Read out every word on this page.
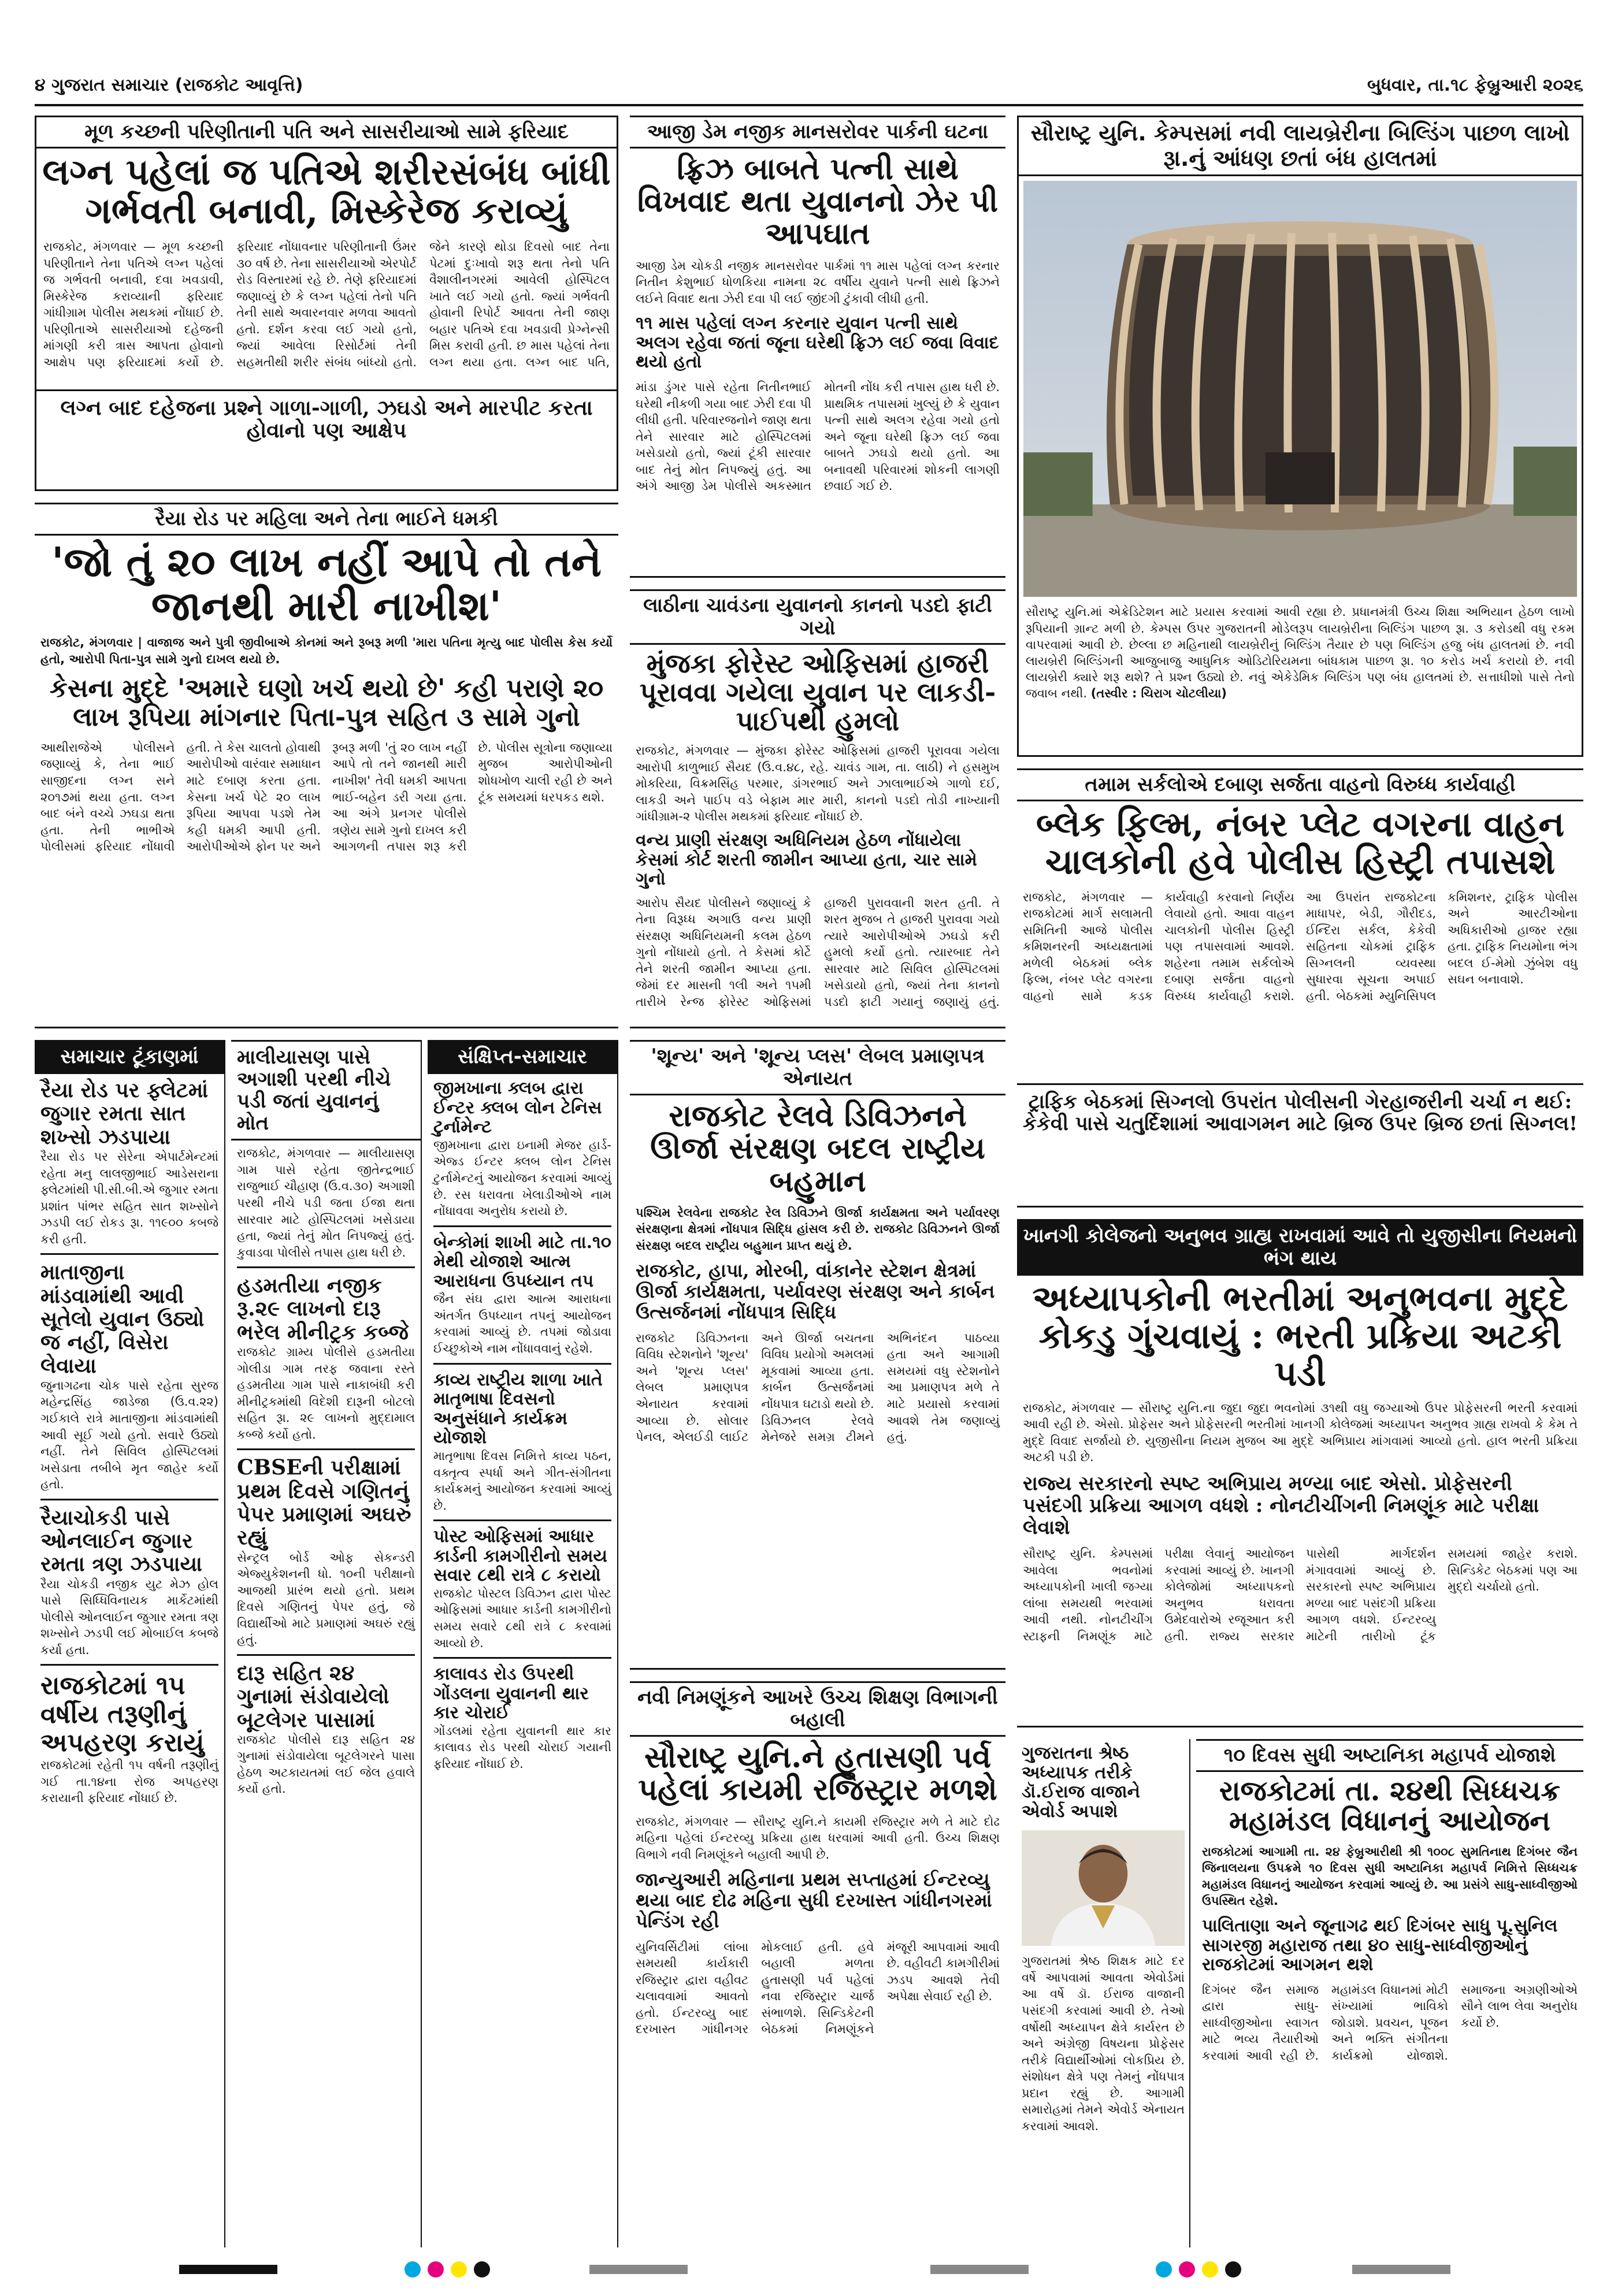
૪ ગુજરાત સમાચાર (રાજકોટ આવૃત્તિ)	બુધવાર, તા.૧૮ ફેબ્રુઆરી ૨૦૨૬
મૂળ કચ્છની પરિણીતાની પતિ અને સાસરીયાઓ સામે ફરિયાદ
લગ્ન પહેલાં જ પતિએ શરીરસંબંધ બાંધી ગર્ભવતી બનાવી, મિસ્કેરેજ કરાવ્યું
રાજકોટ, મંગળવાર — મૂળ કચ્છની પરિણીતાને તેના પતિએ લગ્ન પહેલાં જ ગર્ભવતી બનાવી, દવા ખવડાવી, મિસ્કેરેજ કરાવ્યાની ફરિયાદ ગાંધીગ્રામ પોલીસ મથકમાં નોંધાઈ છે. પરિણીતાએ સાસરીયાઓ દહેજની માંગણી કરી ત્રાસ આપતા હોવાનો આક્ષેપ પણ ફરિયાદમાં કર્યો છે. ફરિયાદ નોંધાવનાર પરિણીતાની ઉંમર ૩૦ વર્ષ છે. તેના સાસરીયાઓ એરપોર્ટ રોડ વિસ્તારમાં રહે છે. તેણે ફરિયાદમાં જણાવ્યું છે કે લગ્ન પહેલાં તેનો પતિ તેની સાથે અવારનવાર મળવા આવતો હતો. દર્શન કરવા લઈ ગયો હતો, જ્યાં આવેલા રિસોર્ટમાં તેની સહમતીથી શરીર સંબંધ બાંધ્યો હતો. જેને કારણે થોડા દિવસો બાદ તેના પેટમાં દુઃખાવો શરૂ થતા તેનો પતિ વૈશાલીનગરમાં આવેલી હોસ્પિટલ ખાતે લઈ ગયો હતો. જ્યાં ગર્ભવતી હોવાની રિપોર્ટ આવતા તેની જાણ બહાર પતિએ દવા ખવડાવી પ્રેગ્નેન્સી મિસ કરાવી હતી. છ માસ પહેલાં તેના લગ્ન થયા હતા. લગ્ન બાદ પતિ,
લગ્ન બાદ દહેજના પ્રશ્ને ગાળા-ગાળી, ઝઘડો અને મારપીટ કરતા હોવાનો પણ આક્ષેપ
રૈયા રોડ પર મહિલા અને તેના ભાઈને ધમકી
'જો તું ૨૦ લાખ નહીં આપે તો તને જાનથી મારી નાખીશ'
રાજકોટ, મંગળવાર | વાજાજ અને પુત્રી જીવીબાએ કોનમાં અને રૂબરૂ મળી 'મારા પતિના મૃત્યુ બાદ પોલીસ કેસ કર્યો હતો, આરોપી પિતા-પુત્ર સામે ગુનો દાખલ થયો છે.
કેસના મુદ્દે 'અમારે ઘણો ખર્ચ થયો છે' કહી પરાણે ૨૦ લાખ રૂપિયા માંગનાર પિતા-પુત્ર સહિત ૩ સામે ગુનો
આથીરાજેએ પોલીસને જણાવ્યું કે, તેના ભાઈ સાજીદના લગ્ન સને ૨૦૧૭માં થયા હતા. લગ્ન બાદ બંને વચ્ચે ઝઘડા થતા હતા. તેની ભાભીએ પોલીસમાં ફરિયાદ નોંધાવી હતી. તે કેસ ચાલતો હોવાથી આરોપીઓ વારંવાર સમાધાન માટે દબાણ કરતા હતા. કેસના ખર્ચ પેટે ૨૦ લાખ રૂપિયા આપવા પડશે તેમ કહી ધમકી આપી હતી. આરોપીઓએ ફોન પર અને રૂબરૂ મળી 'તું ૨૦ લાખ નહીં આપે તો તને જાનથી મારી નાખીશ' તેવી ધમકી આપતા ભાઈ-બહેન ડરી ગયા હતા. આ અંગે પ્રનગર પોલીસે ત્રણેય સામે ગુનો દાખલ કરી આગળની તપાસ શરૂ કરી છે. પોલીસ સૂત્રોના જણાવ્યા મુજબ આરોપીઓની શોધખોળ ચાલી રહી છે અને ટૂંક સમયમાં ધરપકડ થશે.
આજી ડેમ નજીક માનસરોવર પાર્કની ઘટના
ફ્રિઝ બાબતે પત્ની સાથે વિખવાદ થતા યુવાનનો ઝેર પી આપઘાત
આજી ડેમ ચોકડી નજીક માનસરોવર પાર્કમાં ૧૧ માસ પહેલાં લગ્ન કરનાર નિતીન કેશુભાઈ ધોળકિયા નામના ૨૮ વર્ષીય યુવાને પત્ની સાથે ફ્રિઝને લઈને વિવાદ થતા ઝેરી દવા પી લઈ જીંદગી ટુંકાવી લીધી હતી.
૧૧ માસ પહેલાં લગ્ન કરનાર યુવાન પત્ની સાથે અલગ રહેવા જતાં જૂના ઘરેથી ફ્રિઝ લઈ જવા વિવાદ થયો હતો
માંડા ડુંગર પાસે રહેતા નિતીનભાઈ ઘરેથી નીકળી ગયા બાદ ઝેરી દવા પી લીધી હતી. પરિવારજનોને જાણ થતા તેને સારવાર માટે હોસ્પિટલમાં ખસેડાયો હતો, જ્યાં ટૂંકી સારવાર બાદ તેનું મોત નિપજ્યું હતું. આ અંગે આજી ડેમ પોલીસે અકસ્માત મોતની નોંધ કરી તપાસ હાથ ધરી છે. પ્રાથમિક તપાસમાં ખુલ્યું છે કે યુવાન પત્ની સાથે અલગ રહેવા ગયો હતો અને જૂના ઘરેથી ફ્રિઝ લઈ જવા બાબતે ઝઘડો થયો હતો. આ બનાવથી પરિવારમાં શોકની લાગણી છવાઈ ગઈ છે.
લાઠીના ચાવંડના યુવાનનો કાનનો પડદો ફાટી ગયો
મુંજકા ફોરેસ્ટ ઓફિસમાં હાજરી પૂરાવવા ગયેલા યુવાન પર લાકડી-પાઈપથી હુમલો
રાજકોટ, મંગળવાર — મુંજકા ફોરેસ્ટ ઓફિસમાં હાજરી પૂરાવવા ગયેલા આરોપી કાળુભાઈ સૈયદ (ઉ.વ.૪૮, રહે. ચાવંડ ગામ, તા. લાઠી) ને હસમુખ મોકરિયા, વિક્રમસિંહ પરમાર, ડાંગરભાઈ અને ઝાલાભાઈએ ગાળો દઈ, લાકડી અને પાઈપ વડે બેફામ માર મારી, કાનનો પડદો તોડી નાખ્યાની ગાંધીગ્રામ-૨ પોલીસ મથકમાં ફરિયાદ નોંધાઈ છે.
વન્ય પ્રાણી સંરક્ષણ અધિનિયમ હેઠળ નોંધાયેલા કેસમાં કોર્ટ શરતી જામીન આપ્યા હતા, ચાર સામે ગુનો
આરોપ સૈયદ પોલીસને જણાવ્યું કે તેના વિરૂધ્ધ અગાઉ વન્ય પ્રાણી સંરક્ષણ અધિનિયમની કલમ હેઠળ ગુનો નોંધાયો હતો. તે કેસમાં કોર્ટે તેને શરતી જામીન આપ્યા હતા. જેમાં દર માસની ૧લી અને ૧૫મી તારીખે રેન્જ ફોરેસ્ટ ઓફિસમાં હાજરી પુરાવવાની શરત હતી. તે શરત મુજબ તે હાજરી પુરાવવા ગયો ત્યારે આરોપીઓએ ઝઘડો કરી હુમલો કર્યો હતો. ત્યારબાદ તેને સારવાર માટે સિવિલ હોસ્પિટલમાં ખસેડાયો હતો, જ્યાં તેના કાનનો પડદો ફાટી ગયાનું જણાયું હતું.
સૌરાષ્ટ્ર યુનિ. કેમ્પસમાં નવી લાયબ્રેરીના બિલ્ડિંગ પાછળ લાખો રૂા.નું આંધણ છતાં બંધ હાલતમાં
સૌરાષ્ટ્ર યુનિ.માં એક્રેડિટેશન માટે પ્રયાસ કરવામાં આવી રહ્યા છે. પ્રધાનમંત્રી ઉચ્ચ શિક્ષા અભિયાન હેઠળ લાખો રૂપિયાની ગ્રાન્ટ મળી છે. કેમ્પસ ઉપર ગુજરાતની મોડેલરૂપ લાયબ્રેરીના બિલ્ડિંગ પાછળ રૂા. ૩ કરોડથી વધુ રકમ વાપરવામાં આવી છે. છેલ્લા છ મહિનાથી લાયબ્રેરીનું બિલ્ડિંગ તૈયાર છે પણ બિલ્ડિંગ હજુ બંધ હાલતમાં છે. નવી લાયબ્રેરી બિલ્ડિંગની આજુબાજુ આધુનિક ઓડિટોરિયમના બાંધકામ પાછળ રૂા. ૧૦ કરોડ ખર્ચ કરાયો છે. નવી લાયબ્રેરી ક્યારે શરૂ થશે? તે પ્રશ્ન ઉઠ્યો છે. નવું એકેડેમિક બિલ્ડિંગ પણ બંધ હાલતમાં છે. સત્તાધીશો પાસે તેનો જવાબ નથી. (તસ્વીર : ચિરાગ ચોટલીયા)
તમામ સર્કલોએ દબાણ સર્જતા વાહનો વિરુધ્ધ કાર્યવાહી
બ્લેક ફિલ્મ, નંબર પ્લેટ વગરના વાહન ચાલકોની હવે પોલીસ હિસ્ટ્રી તપાસશે
રાજકોટ, મંગળવાર — રાજકોટમાં માર્ગ સલામતી સમિતિની આજે પોલીસ કમિશનરની અધ્યક્ષતામાં મળેલી બેઠકમાં બ્લેક ફિલ્મ, નંબર પ્લેટ વગરના વાહનો સામે કડક કાર્યવાહી કરવાનો નિર્ણય લેવાયો હતો. આવા વાહન ચાલકોની પોલીસ હિસ્ટ્રી પણ તપાસવામાં આવશે. શહેરના તમામ સર્કલોએ દબાણ સર્જતા વાહનો વિરુધ્ધ કાર્યવાહી કરાશે. આ ઉપરાંત રાજકોટના માધાપર, બેડી, ગૌરીદડ, ઈન્દિરા સર્કલ, કેકેવી સહિતના ચોકમાં ટ્રાફિક સિગ્નલની વ્યવસ્થા સુધારવા સૂચના અપાઈ હતી. બેઠકમાં મ્યુનિસિપલ કમિશનર, ટ્રાફિક પોલીસ અને આરટીઓના અધિકારીઓ હાજર રહ્યા હતા. ટ્રાફિક નિયમોના ભંગ બદલ ઈ-મેમો ઝુંબેશ વધુ સઘન બનાવાશે.
ટ્રાફિક બેઠકમાં સિગ્નલો ઉપરાંત પોલીસની ગેરહાજરીની ચર્ચા ન થઈ: કેકેવી પાસે ચતુર્દિશામાં આવાગમન માટે બ્રિજ ઉપર બ્રિજ છતાં સિગ્નલ!
ખાનગી કોલેજનો અનુભવ ગ્રાહ્ય રાખવામાં આવે તો યુજીસીના નિયમનો ભંગ થાય
અધ્યાપકોની ભરતીમાં અનુભવના મુદ્દે કોકડુ ગુંચવાયું : ભરતી પ્રક્રિયા અટકી પડી
રાજકોટ, મંગળવાર — સૌરાષ્ટ્ર યુનિ.ના જુદા જુદા ભવનોમાં ૩૧થી વધુ જગ્યાઓ ઉપર પ્રોફેસરની ભરતી કરવામાં આવી રહી છે. એસો. પ્રોફેસર અને પ્રોફેસરની ભરતીમાં ખાનગી કોલેજમાં અધ્યાપન અનુભવ ગ્રાહ્ય રાખવો કે કેમ તે મુદ્દે વિવાદ સર્જાયો છે. યુજીસીના નિયમ મુજબ આ મુદ્દે અભિપ્રાય માંગવામાં આવ્યો હતો. હાલ ભરતી પ્રક્રિયા અટકી પડી છે.
રાજ્ય સરકારનો સ્પષ્ટ અભિપ્રાય મળ્યા બાદ એસો. પ્રોફેસરની પસંદગી પ્રક્રિયા આગળ વધશે : નોનટીચીંગની નિમણૂંક માટે પરીક્ષા લેવાશે
સૌરાષ્ટ્ર યુનિ. કેમ્પસમાં આવેલા ભવનોમાં અધ્યાપકોની ખાલી જગ્યા લાંબા સમયથી ભરવામાં આવી નથી. નોનટીચીંગ સ્ટાફની નિમણૂંક માટે પરીક્ષા લેવાનું આયોજન કરવામાં આવ્યું છે. ખાનગી કોલેજોમાં અધ્યાપકનો અનુભવ ધરાવતા ઉમેદવારોએ રજૂઆત કરી હતી. રાજ્ય સરકાર પાસેથી માર્ગદર્શન મંગાવવામાં આવ્યું છે. સરકારનો સ્પષ્ટ અભિપ્રાય મળ્યા બાદ પસંદગી પ્રક્રિયા આગળ વધશે. ઈન્ટરવ્યુ માટેની તારીખો ટૂંક સમયમાં જાહેર કરાશે. સિન્ડિકેટ બેઠકમાં પણ આ મુદ્દો ચર્ચાયો હતો.
સમાચાર ટૂંકાણમાં
રૈયા રોડ પર ફ્લેટમાં જુગાર રમતા સાત શખ્સો ઝડપાયા
રૈયા રોડ પર સેરેના એપાર્ટમેન્ટમાં રહેતા મનુ લાલજીભાઈ આડેસરાના ફ્લેટમાંથી પી.સી.બી.એ જુગાર રમતા પ્રશાંત પાંભર સહિત સાત શખ્સોને ઝડપી લઈ રોકડ રૂા. ૧૧૯૦૦ કબજે કરી હતી.
માતાજીના માંડવામાંથી આવી સૂતેલો યુવાન ઉઠ્યો જ નહીં, વિસેરા લેવાયા
જુનાગઢના ચોક પાસે રહેતા સુરજ મહેન્દ્રસિંહ જાડેજા (ઉ.વ.૨૨) ગઈકાલે રાત્રે માતાજીના માંડવામાંથી આવી સૂઈ ગયો હતો. સવારે ઉઠ્યો નહીં. તેને સિવિલ હોસ્પિટલમાં ખસેડાતા તબીબે મૃત જાહેર કર્યો હતો.
રૈયાચોકડી પાસે ઓનલાઈન જુગાર રમતા ત્રણ ઝડપાયા
રૈયા ચોકડી નજીક યુટ મેઝ હોલ પાસે સિધ્ધિવિનાયક માર્કેટમાંથી પોલીસે ઓનલાઈન જુગાર રમતા ત્રણ શખ્સોને ઝડપી લઈ મોબાઈલ કબજે કર્યા હતા.
રાજકોટમાં ૧૫ વર્ષીય તરૂણીનું અપહરણ કરાયું
રાજકોટમાં રહેતી ૧૫ વર્ષની તરૂણીનું ગઈ તા.૧૪ના રોજ અપહરણ કરાયાની ફરિયાદ નોંધાઈ છે.
માલીયાસણ પાસે અગાશી પરથી નીચે પડી જતાં યુવાનનું મોત
રાજકોટ, મંગળવાર — માલીયાસણ ગામ પાસે રહેતા જીતેન્દ્રભાઈ રાજુભાઈ ચૌહાણ (ઉ.વ.૩૦) અગાશી પરથી નીચે પડી જતા ઈજા થતા સારવાર માટે હોસ્પિટલમાં ખસેડાયા હતા, જ્યાં તેનું મોત નિપજ્યું હતું. કુવાડવા પોલીસે તપાસ હાથ ધરી છે.
હડમતીયા નજીક રૂ.૨૯ લાખનો દારૂ ભરેલ મીનીટ્રક કબ્જે
રાજકોટ ગ્રામ્ય પોલીસે હડમતીયા ગોલીડા ગામ તરફ જવાના રસ્તે હડમતીયા ગામ પાસે નાકાબંધી કરી મીનીટ્રકમાંથી વિદેશી દારૂની બોટલો સહિત રૂા. ૨૯ લાખનો મુદ્દામાલ કબ્જે કર્યો હતો.
CBSEની પરીક્ષામાં પ્રથમ દિવસે ગણિતનું પેપર પ્રમાણમાં અઘરું રહ્યું
સેન્ટ્રલ બોર્ડ ઓફ સેકન્ડરી એજ્યુકેશનની ધો. ૧૦ની પરીક્ષાનો આજથી પ્રારંભ થયો હતો. પ્રથમ દિવસે ગણિતનું પેપર હતું, જે વિદ્યાર્થીઓ માટે પ્રમાણમાં અઘરું રહ્યું હતું.
દારૂ સહિત ૨૪ ગુનામાં સંડોવાયેલો બૂટલેગર પાસામાં
રાજકોટ પોલીસે દારૂ સહિત ૨૪ ગુનામાં સંડોવાયેલા બૂટલેગરને પાસા હેઠળ અટકાયતમાં લઈ જેલ હવાલે કર્યો હતો.
સંક્ષિપ્ત-સમાચાર
જીમખાના ક્લબ દ્વારા ઈન્ટર ક્લબ લોન ટેનિસ ટુર્નામેન્ટ
જીમખાના દ્વારા ઇનામી મેજર હાર્ડ-એજ્ડ ઈન્ટર ક્લબ લોન ટેનિસ ટુર્નામેન્ટનું આયોજન કરવામાં આવ્યું છે. રસ ધરાવતા ખેલાડીઓએ નામ નોંધાવવા અનુરોધ કરાયો છે.
બેન્કોમાં શાખી માટે તા.૧૦ મેથી યોજાશે આત્મ આરાધના ઉપધ્યાન તપ
જૈન સંઘ દ્વારા આત્મ આરાધના અંતર્ગત ઉપધ્યાન તપનું આયોજન કરવામાં આવ્યું છે. તપમાં જોડાવા ઈચ્છુકોએ નામ નોંધાવવાનું રહેશે.
કાવ્ય રાષ્ટ્રીય શાળા ખાતે માતૃભાષા દિવસનો અનુસંધાને કાર્યક્રમ યોજાશે
માતૃભાષા દિવસ નિમિત્તે કાવ્ય પઠન, વક્તૃત્વ સ્પર્ધા અને ગીત-સંગીતના કાર્યક્રમનું આયોજન કરવામાં આવ્યું છે.
પોસ્ટ ઓફિસમાં આધાર કાર્ડની કામગીરીનો સમય સવાર ૮થી રાત્રે ૮ કરાયો
રાજકોટ પોસ્ટલ ડિવિઝન દ્વારા પોસ્ટ ઓફિસમાં આધાર કાર્ડની કામગીરીનો સમય સવારે ૮થી રાત્રે ૮ કરવામાં આવ્યો છે.
કાલાવડ રોડ ઉપરથી ગોંડલના યુવાનની થાર કાર ચોરાઈ
ગોંડલમાં રહેતા યુવાનની થાર કાર કાલાવડ રોડ પરથી ચોરાઈ ગયાની ફરિયાદ નોંધાઈ છે.
'શૂન્ય' અને 'શૂન્ય પ્લસ' લેબલ પ્રમાણપત્ર એનાયત
રાજકોટ રેલવે ડિવિઝનને ઊર્જા સંરક્ષણ બદલ રાષ્ટ્રીય બહુમાન
પશ્ચિમ રેલવેના રાજકોટ રેલ ડિવિઝને ઊર્જા કાર્યક્ષમતા અને પર્યાવરણ સંરક્ષણના ક્ષેત્રમાં નોંધપાત્ર સિદ્ધિ હાંસલ કરી છે. રાજકોટ ડિવિઝનને ઊર્જા સંરક્ષણ બદલ રાષ્ટ્રીય બહુમાન પ્રાપ્ત થયું છે.
રાજકોટ, હાપા, મોરબી, વાંકાનેર સ્ટેશન ક્ષેત્રમાં ઊર્જા કાર્યક્ષમતા, પર્યાવરણ સંરક્ષણ અને કાર્બન ઉત્સર્જનમાં નોંધપાત્ર સિદ્ધિ
રાજકોટ ડિવિઝનના વિવિધ સ્ટેશનોને 'શૂન્ય' અને 'શૂન્ય પ્લસ' લેબલ પ્રમાણપત્ર એનાયત કરવામાં આવ્યા છે. સોલાર પેનલ, એલઈડી લાઈટ અને ઊર્જા બચતના વિવિધ પ્રયોગો અમલમાં મૂકવામાં આવ્યા હતા. કાર્બન ઉત્સર્જનમાં નોંધપાત્ર ઘટાડો થયો છે. ડિવિઝનલ રેલવે મેનેજરે સમગ્ર ટીમને અભિનંદન પાઠવ્યા હતા અને આગામી સમયમાં વધુ સ્ટેશનોને આ પ્રમાણપત્ર મળે તે માટે પ્રયાસો કરવામાં આવશે તેમ જણાવ્યું હતું.
નવી નિમણૂંકને આખરે ઉચ્ચ શિક્ષણ વિભાગની બહાલી
સૌરાષ્ટ્ર યુનિ.ને હુતાસણી પર્વ પહેલાં કાયમી રજિસ્ટ્રાર મળશે
રાજકોટ, મંગળવાર — સૌરાષ્ટ્ર યુનિ.ને કાયમી રજિસ્ટ્રાર મળે તે માટે દોઢ મહિના પહેલાં ઈન્ટરવ્યુ પ્રક્રિયા હાથ ધરવામાં આવી હતી. ઉચ્ચ શિક્ષણ વિભાગે નવી નિમણૂંકને બહાલી આપી છે.
જાન્યુઆરી મહિનાના પ્રથમ સપ્તાહમાં ઈન્ટરવ્યુ થયા બાદ દોઢ મહિના સુધી દરખાસ્ત ગાંધીનગરમાં પેન્ડિંગ રહી
યુનિવર્સિટીમાં લાંબા સમયથી કાર્યકારી રજિસ્ટ્રાર દ્વારા વહીવટ ચલાવવામાં આવતો હતો. ઈન્ટરવ્યુ બાદ દરખાસ્ત ગાંધીનગર મોકલાઈ હતી. હવે બહાલી મળતા હુતાસણી પર્વ પહેલાં નવા રજિસ્ટ્રાર ચાર્જ સંભાળશે. સિન્ડિકેટની બેઠકમાં નિમણૂંકને મંજૂરી આપવામાં આવી છે. વહીવટી કામગીરીમાં ઝડપ આવશે તેવી અપેક્ષા સેવાઈ રહી છે.
ગુજરાતના શ્રેષ્ઠ અધ્યાપક તરીકે ડૉ.ઈરાજ વાજાને એવોર્ડ અપાશે
ગુજરાતમાં શ્રેષ્ઠ શિક્ષક માટે દર વર્ષે આપવામાં આવતા એવોર્ડમાં આ વર્ષે ડૉ. ઈરાજ વાજાની પસંદગી કરવામાં આવી છે. તેઓ વર્ષોથી અધ્યાપન ક્ષેત્રે કાર્યરત છે અને અંગ્રેજી વિષયના પ્રોફેસર તરીકે વિદ્યાર્થીઓમાં લોકપ્રિય છે. સંશોધન ક્ષેત્રે પણ તેમનું નોંધપાત્ર પ્રદાન રહ્યું છે. આગામી સમારોહમાં તેમને એવોર્ડ એનાયત કરવામાં આવશે.
૧૦ દિવસ સુધી અષ્ટાનિકા મહાપર્વ યોજાશે
રાજકોટમાં તા. ૨૪થી સિધ્ધચક્ર મહામંડલ વિધાનનું આયોજન
રાજકોટમાં આગામી તા. ૨૪ ફેબ્રુઆરીથી શ્રી ૧૦૦૮ સુમતિનાથ દિગંબર જૈન જિનાલયના ઉપક્રમે ૧૦ દિવસ સુધી અષ્ટાનિકા મહાપર્વ નિમિત્તે સિધ્ધચક્ર મહામંડલ વિધાનનું આયોજન કરવામાં આવ્યું છે. આ પ્રસંગે સાધુ-સાધ્વીજીઓ ઉપસ્થિત રહેશે.
પાલિતાણા અને જૂનાગઢ થઈ દિગંબર સાધુ પૂ.સુનિલ સાગરજી મહારાજ તથા ૪૦ સાધુ-સાધ્વીજીઓનું રાજકોટમાં આગમન થશે
દિગંબર જૈન સમાજ દ્વારા સાધુ-સાધ્વીજીઓના સ્વાગત માટે ભવ્ય તૈયારીઓ કરવામાં આવી રહી છે. મહામંડલ વિધાનમાં મોટી સંખ્યામાં ભાવિકો જોડાશે. પ્રવચન, પૂજન અને ભક્તિ સંગીતના કાર્યક્રમો યોજાશે. સમાજના અગ્રણીઓએ સૌને લાભ લેવા અનુરોધ કર્યો છે.
